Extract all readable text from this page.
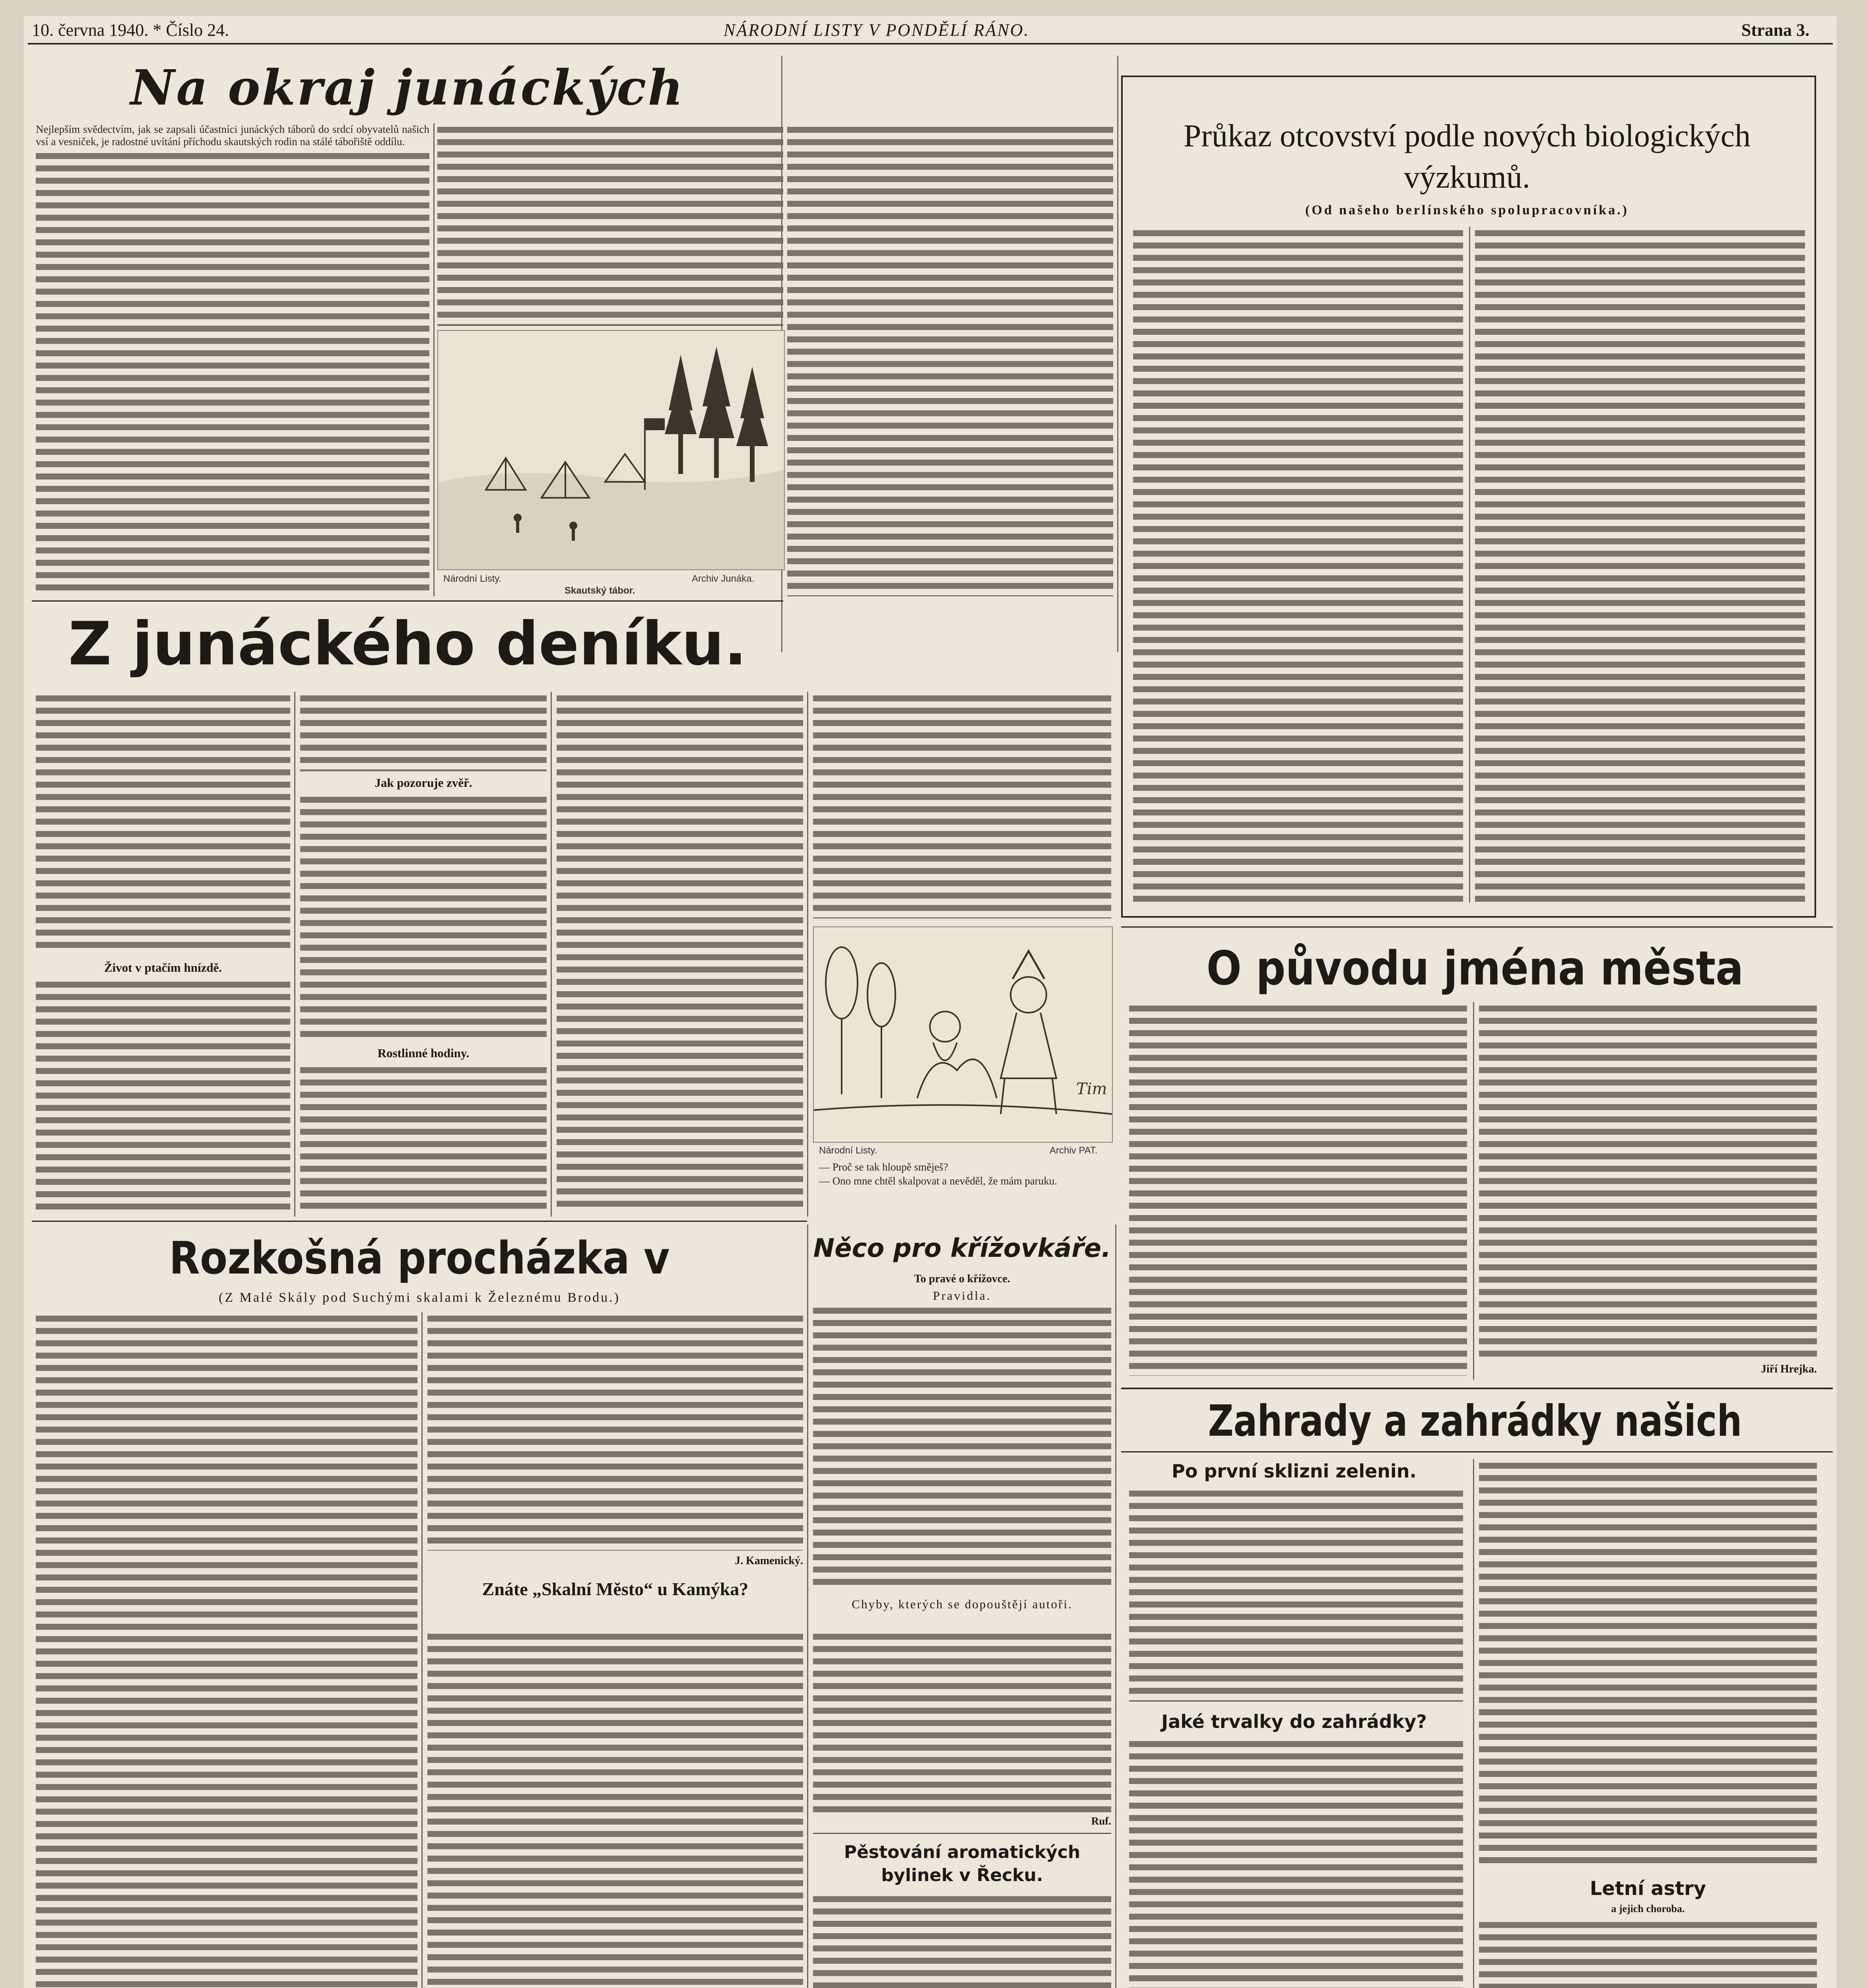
10. června 1940. * Číslo 24.	NÁRODNÍ LISTY V PONDĚLÍ RÁNO.	Strana 3.
Na okraj junáckých
Nejlepším svědectvím, jak se zapsali účastníci junáckých táborů do srdcí obyvatelů našich vsí a vesniček, je radostné uvítání příchodu skautských rodin na stálé tábořiště oddílu.
Národní Listy.	Archiv Junáka.
Skautský tábor.
Průkaz otcovství podle nových biologických výzkumů.
(Od našeho berlínského spolupracovníka.)
Z junáckého deníku.
Život v ptačím hnízdě.
Jak pozoruje zvěř.
Rostlinné hodiny.
Tim
Národní Listy.	Archiv PAT.
— Proč se tak hloupě směješ?
— Ono mne chtěl skalpovat a nevěděl, že mám paruku.
O původu jména města
Jiří Hrejka.
Rozkošná procházka v
(Z Malé Skály pod Suchými skalami k Železnému Brodu.)
J. Kamenický.
Znáte „Skalní Město“ u Kamýka?
Něco pro křížovkáře.
To pravé o křížovce.
Pravidla.
Chyby, kterých se dopouštějí autoři.
Ruf.
Pěstování aromatických bylinek v Řecku.
Zahrady a zahrádky našich
Po první sklizni zelenin.
Jaké trvalky do zahrádky?
Letní astry
a jejich choroba.
